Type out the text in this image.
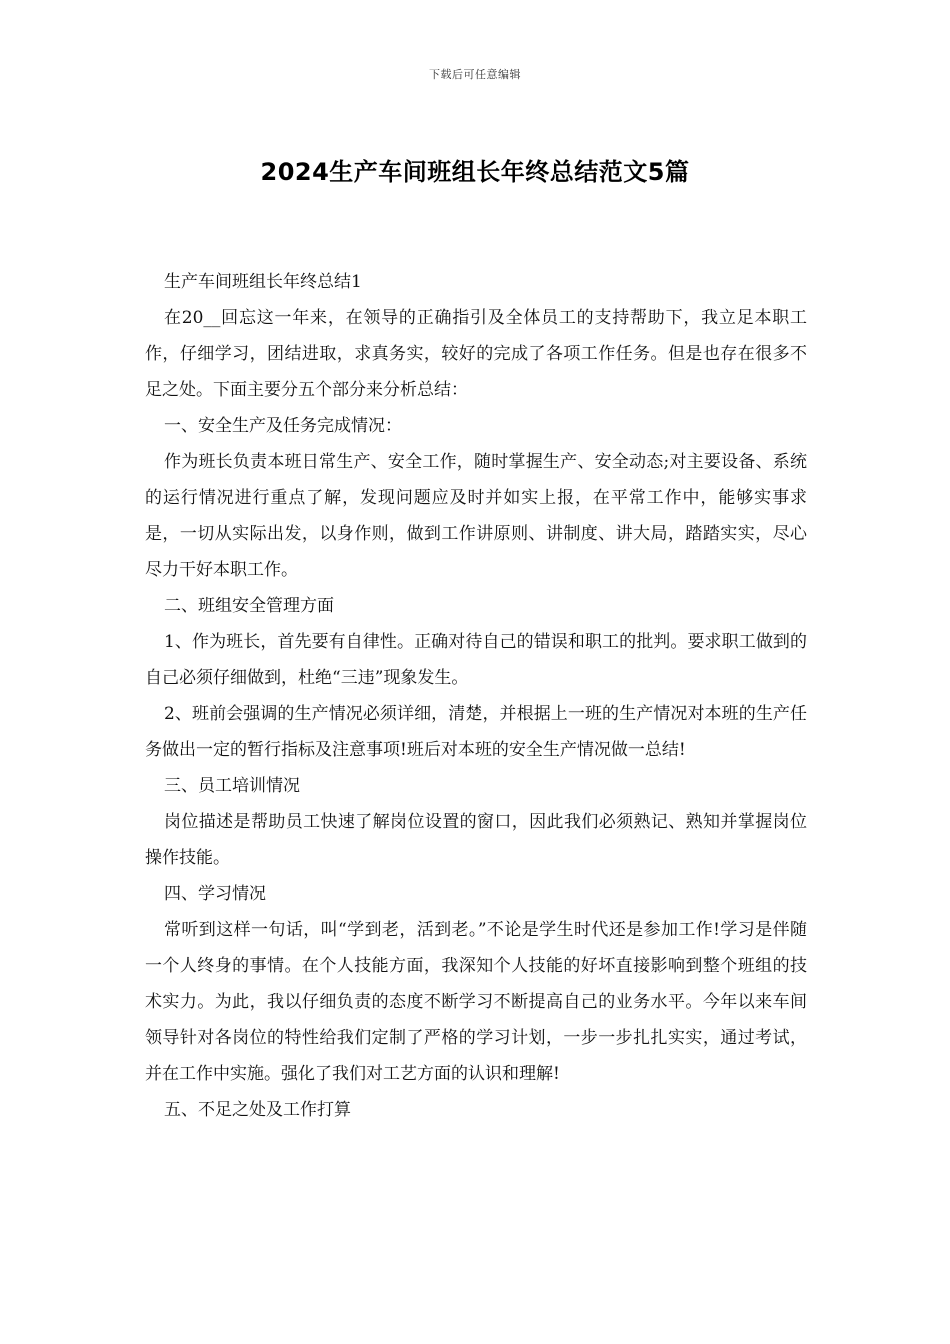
下载后可任意编辑
2024生产车间班组长年终总结范文5篇

生产车间班组长年终总结1

在20__回忘这一年来，在领导的正确指引及全体员工的支持帮助下，我立足本职工作，仔细学习，团结进取，求真务实，较好的完成了各项工作任务。但是也存在很多不足之处。下面主要分五个部分来分析总结：

一、安全生产及任务完成情况：

作为班长负责本班日常生产、安全工作，随时掌握生产、安全动态;对主要设备、系统的运行情况进行重点了解，发现问题应及时并如实上报，在平常工作中，能够实事求是，一切从实际出发，以身作则，做到工作讲原则、讲制度、讲大局，踏踏实实，尽心尽力干好本职工作。

二、班组安全管理方面

1、作为班长，首先要有自律性。正确对待自己的错误和职工的批判。要求职工做到的自己必须仔细做到，杜绝“三违”现象发生。

2、班前会强调的生产情况必须详细，清楚，并根据上一班的生产情况对本班的生产任务做出一定的暂行指标及注意事项!班后对本班的安全生产情况做一总结!

三、员工培训情况

岗位描述是帮助员工快速了解岗位设置的窗口，因此我们必须熟记、熟知并掌握岗位操作技能。

四、学习情况

常听到这样一句话，叫“学到老，活到老。”不论是学生时代还是参加工作!学习是伴随一个人终身的事情。在个人技能方面，我深知个人技能的好坏直接影响到整个班组的技术实力。为此，我以仔细负责的态度不断学习不断提高自己的业务水平。今年以来车间领导针对各岗位的特性给我们定制了严格的学习计划，一步一步扎扎实实，通过考试，并在工作中实施。强化了我们对工艺方面的认识和理解!

五、不足之处及工作打算
